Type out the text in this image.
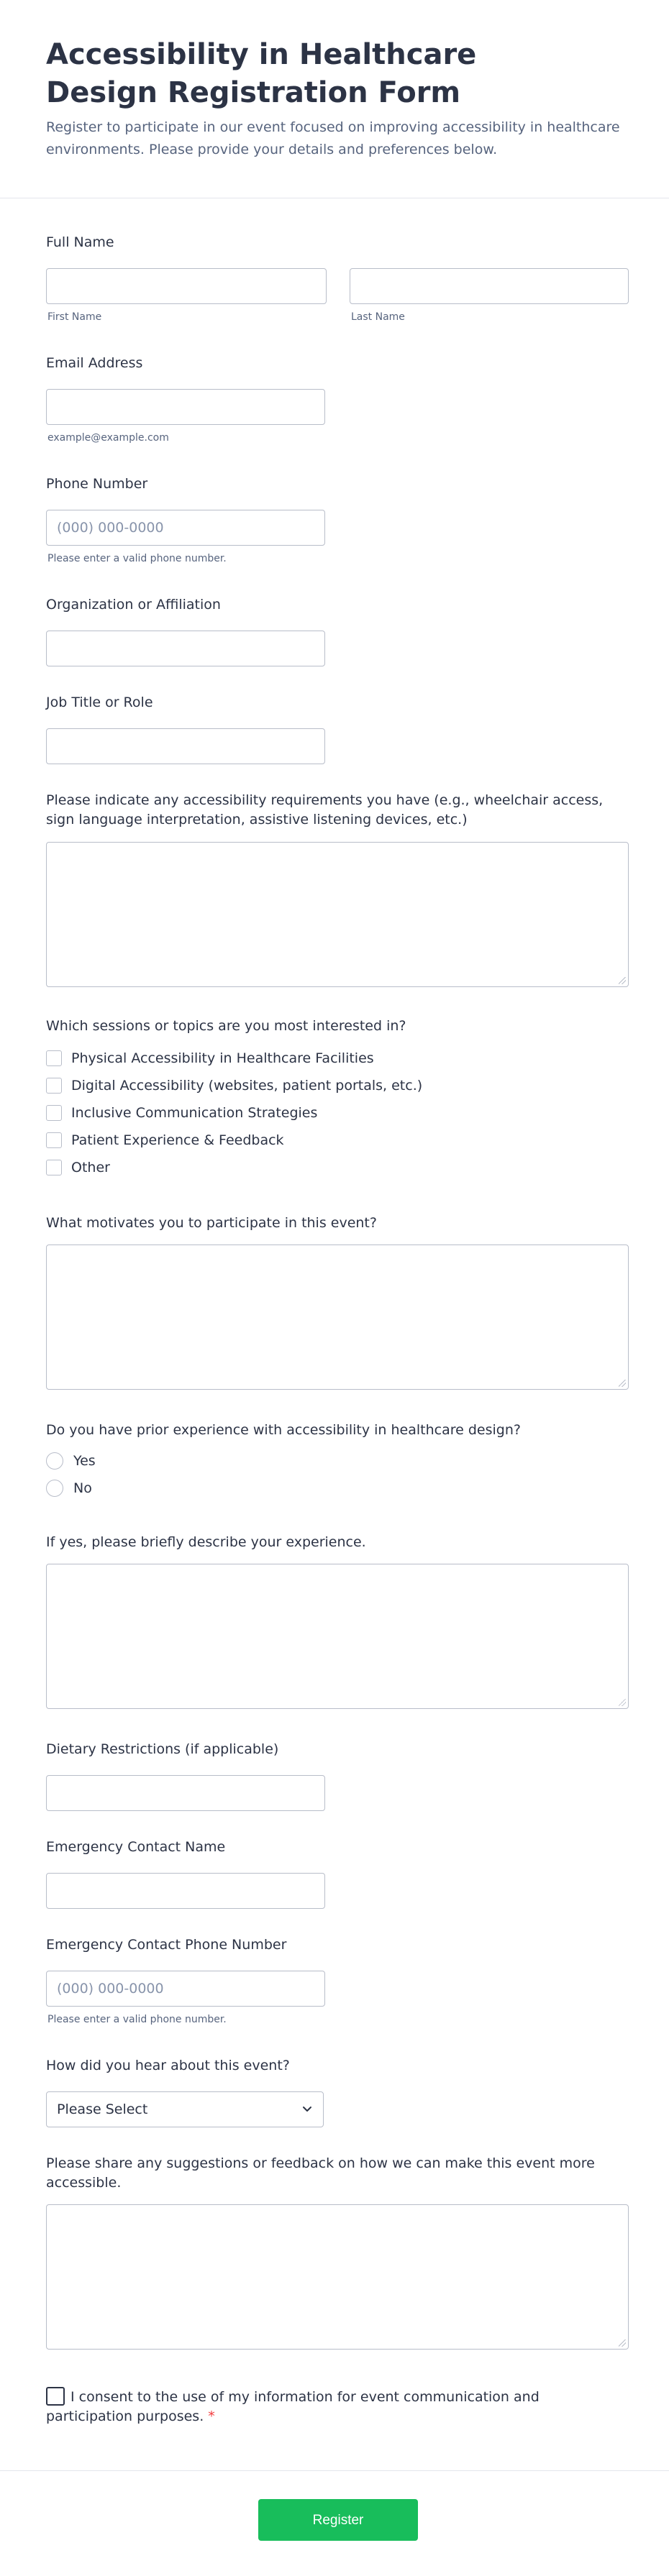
Accessibility in Healthcare Design Registration Form
Register to participate in our event focused on improving accessibility in healthcare environments. Please provide your details and preferences below.
Full Name
First Name	Last Name
Email Address
example@example.com
Phone Number
(000) 000-0000
Please enter a valid phone number.
Organization or Affiliation
Job Title or Role
Please indicate any accessibility requirements you have (e.g., wheelchair access, sign language interpretation, assistive listening devices, etc.)
Which sessions or topics are you most interested in?
Physical Accessibility in Healthcare Facilities
Digital Accessibility (websites, patient portals, etc.)
Inclusive Communication Strategies
Patient Experience & Feedback
Other
What motivates you to participate in this event?
Do you have prior experience with accessibility in healthcare design?
Yes
No
If yes, please briefly describe your experience.
Dietary Restrictions (if applicable)
Emergency Contact Name
Emergency Contact Phone Number
(000) 000-0000
Please enter a valid phone number.
How did you hear about this event?
Please Select
Please share any suggestions or feedback on how we can make this event more accessible.
I consent to the use of my information for event communication and participation purposes. *
Register
